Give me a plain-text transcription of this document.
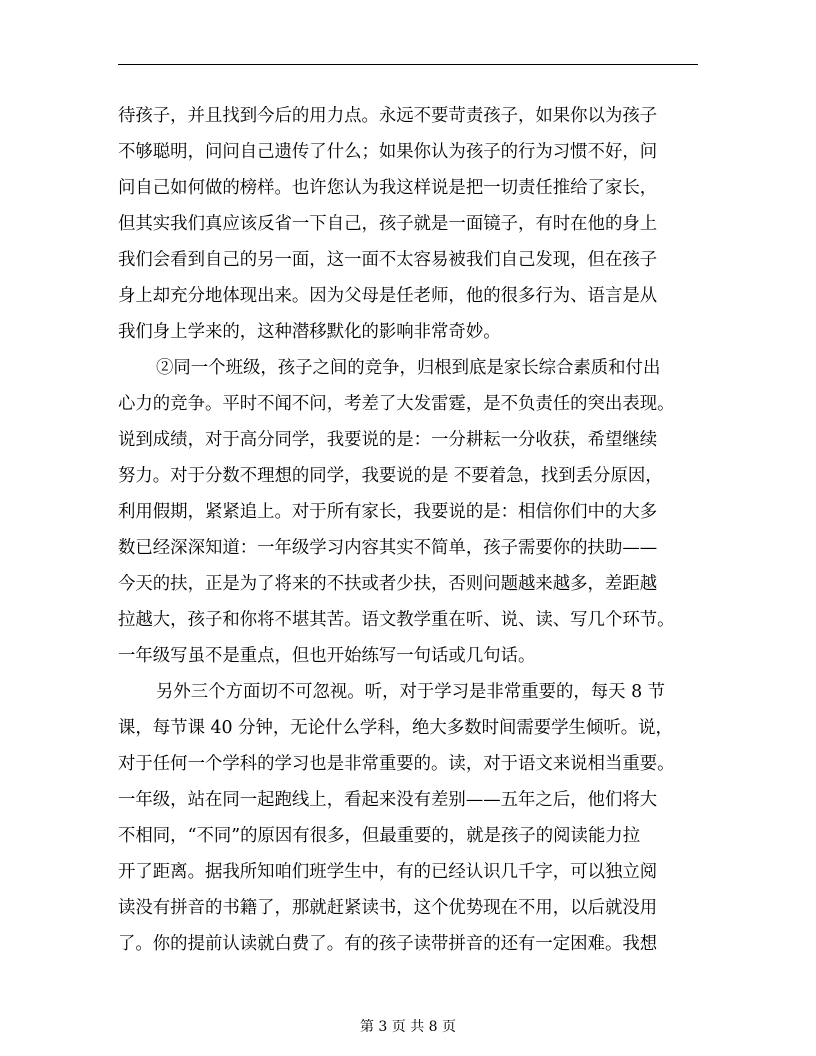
待孩子，并且找到今后的用力点。永远不要苛责孩子，如果你以为孩子
不够聪明，问问自己遗传了什么；如果你认为孩子的行为习惯不好，问
问自己如何做的榜样。也许您认为我这样说是把一切责任推给了家长，
但其实我们真应该反省一下自己，孩子就是一面镜子，有时在他的身上
我们会看到自己的另一面，这一面不太容易被我们自己发现，但在孩子
身上却充分地体现出来。因为父母是任老师，他的很多行为、语言是从
我们身上学来的，这种潜移默化的影响非常奇妙。
②同一个班级，孩子之间的竞争，归根到底是家长综合素质和付出
心力的竞争。平时不闻不问，考差了大发雷霆，是不负责任的突出表现。
说到成绩，对于高分同学，我要说的是：一分耕耘一分收获，希望继续
努力。对于分数不理想的同学，我要说的是 不要着急，找到丢分原因，
利用假期，紧紧追上。对于所有家长，我要说的是：相信你们中的大多
数已经深深知道：一年级学习内容其实不简单，孩子需要你的扶助——
今天的扶，正是为了将来的不扶或者少扶，否则问题越来越多，差距越
拉越大，孩子和你将不堪其苦。语文教学重在听、说、读、写几个环节。
一年级写虽不是重点，但也开始练写一句话或几句话。
另外三个方面切不可忽视。听，对于学习是非常重要的，每天 8 节
课，每节课 40 分钟，无论什么学科，绝大多数时间需要学生倾听。说，
对于任何一个学科的学习也是非常重要的。读，对于语文来说相当重要。
一年级，站在同一起跑线上，看起来没有差别——五年之后，他们将大
不相同，“不同”的原因有很多，但最重要的，就是孩子的阅读能力拉
开了距离。据我所知咱们班学生中，有的已经认识几千字，可以独立阅
读没有拼音的书籍了，那就赶紧读书，这个优势现在不用，以后就没用
了。你的提前认读就白费了。有的孩子读带拼音的还有一定困难。我想
第 3 页 共 8 页
